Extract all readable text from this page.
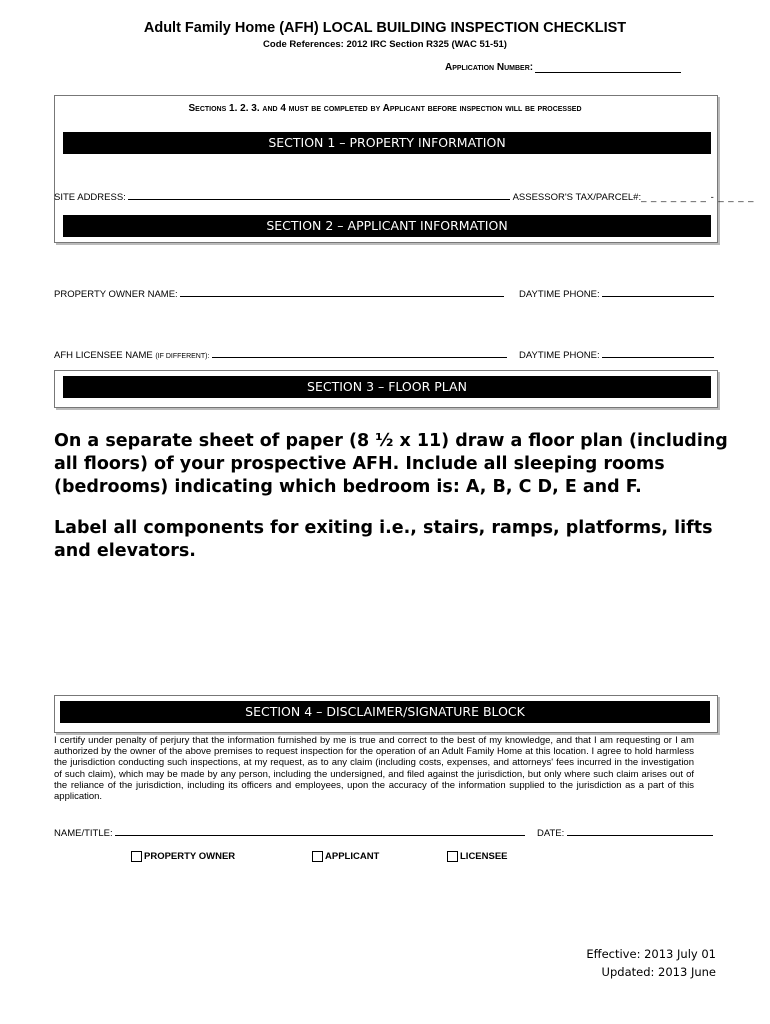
Adult Family Home (AFH) LOCAL BUILDING INSPECTION CHECKLIST
Code References: 2012 IRC Section R325 (WAC 51-51)
Application Number:
Sections 1. 2. 3. and 4 must be completed by Applicant before inspection will be processed
SECTION 1 – PROPERTY INFORMATION
SITE ADDRESS:	ASSESSOR'S TAX/PARCEL#:_ _ _ _ _ _ _ - _ _ _ _
SECTION 2 – APPLICANT INFORMATION
PROPERTY OWNER NAME:	DAYTIME PHONE:
AFH LICENSEE NAME (IF DIFFERENT):	DAYTIME PHONE:
SECTION 3 – FLOOR PLAN

On a separate sheet of paper (8 ½ x 11) draw a floor plan (including all floors) of your prospective AFH. Include all sleeping rooms (bedrooms) indicating which bedroom is: A, B, C D, E and F.

Label all components for exiting i.e., stairs, ramps, platforms, lifts and elevators.

SECTION 4 – DISCLAIMER/SIGNATURE BLOCK
I certify under penalty of perjury that the information furnished by me is true and correct to the best of my knowledge, and that I am requesting or I am authorized by the owner of the above premises to request inspection for the operation of an Adult Family Home at this location. I agree to hold harmless the jurisdiction conducting such inspections, at my request, as to any claim (including costs, expenses, and attorneys' fees incurred in the investigation of such claim), which may be made by any person, including the undersigned, and filed against the jurisdiction, but only where such claim arises out of the reliance of the jurisdiction, including its officers and employees, upon the accuracy of the information supplied to the jurisdiction as a part of this application.
NAME/TITLE:	DATE:
PROPERTY OWNER	APPLICANT	LICENSEE
Effective: 2013 July 01
Updated: 2013 June
